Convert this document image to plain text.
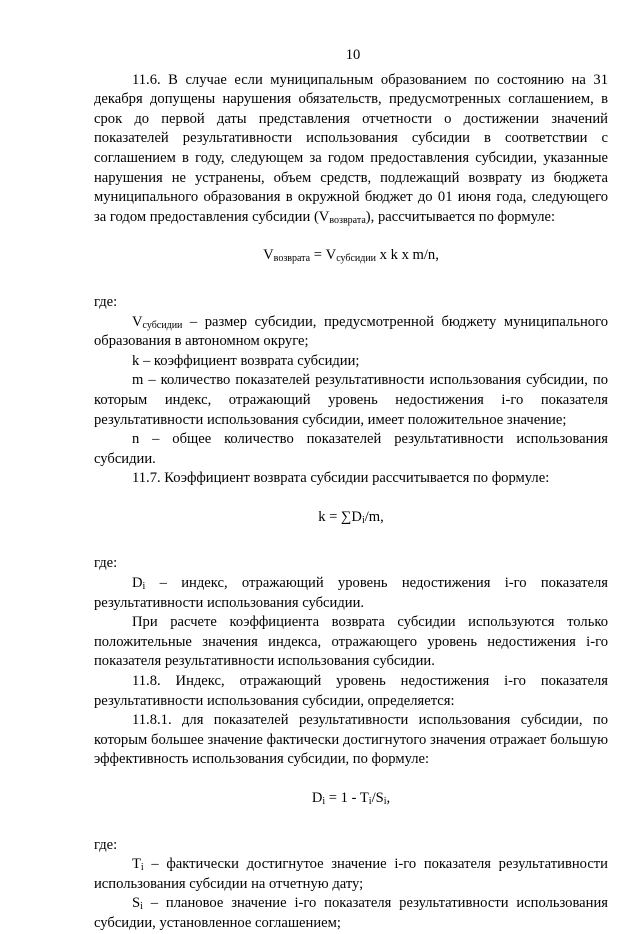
10

11.6. В случае если муниципальным образованием по состоянию на 31 декабря допущены нарушения обязательств, предусмотренных соглашением, в срок до первой даты представления отчетности о достижении значений показателей результативности использования субсидии в соответствии с соглашением в году, следующем за годом предоставления субсидии, указанные нарушения не устранены, объем средств, подлежащий возврату из бюджета муниципального образования в окружной бюджет до 01 июня года, следующего за годом предоставления субсидии $(V_{возврата})$, рассчитывается по формуле:

$V_{возврата} = V_{субсидии}$ x k x m/n,

где:

$V_{субсидии}$ – размер субсидии, предусмотренной бюджету муниципального образования в автономном округе;

k – коэффициент возврата субсидии;

m – количество показателей результативности использования субсидии, по которым индекс, отражающий уровень недостижения i-го показателя результативности использования субсидии, имеет положительное значение;

n – общее количество показателей результативности использования субсидии.

11.7. Коэффициент возврата субсидии рассчитывается по формуле:

$k = \sum D_i/m$,

где:

$D_i$ – индекс, отражающий уровень недостижения i-го показателя результативности использования субсидии.

При расчете коэффициента возврата субсидии используются только положительные значения индекса, отражающего уровень недостижения i-го показателя результативности использования субсидии.

11.8. Индекс, отражающий уровень недостижения i-го показателя результативности использования субсидии, определяется:

11.8.1. для показателей результативности использования субсидии, по которым большее значение фактически достигнутого значения отражает большую эффективность использования субсидии, по формуле:

$D_i = 1 - T_i/S_i$,

где:

$T_i$ – фактически достигнутое значение i-го показателя результативности использования субсидии на отчетную дату;

$S_i$ – плановое значение i-го показателя результативности использования субсидии, установленное соглашением;
